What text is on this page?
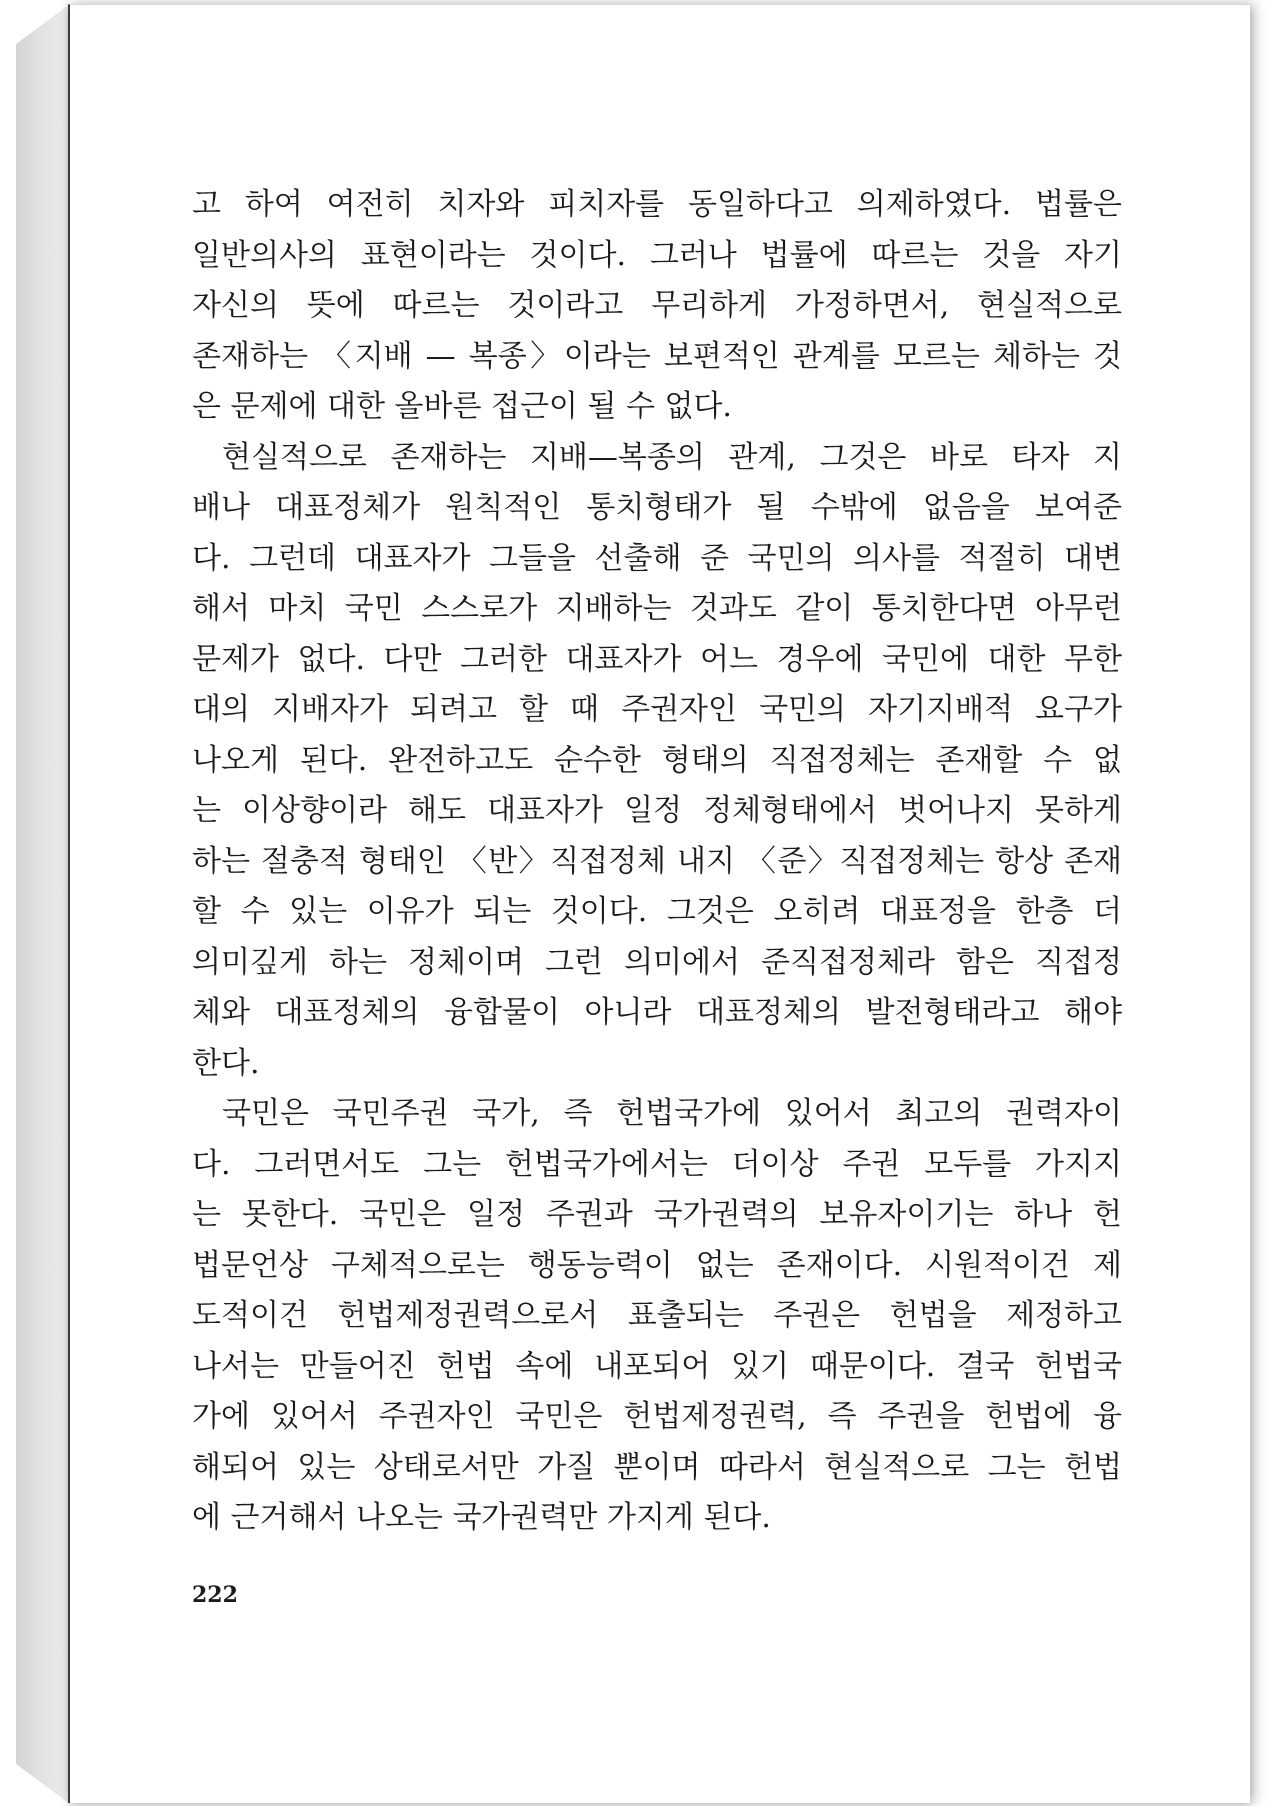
고 하여 여전히 치자와 피치자를 동일하다고 의제하였다. 법률은

일반의사의 표현이라는 것이다. 그러나 법률에 따르는 것을 자기

자신의 뜻에 따르는 것이라고 무리하게 가정하면서, 현실적으로

존재하는 〈지배 — 복종〉이라는 보편적인 관계를 모르는 체하는 것

은 문제에 대한 올바른 접근이 될 수 없다.

현실적으로 존재하는 지배—복종의 관계, 그것은 바로 타자 지

배나 대표정체가 원칙적인 통치형태가 될 수밖에 없음을 보여준

다. 그런데 대표자가 그들을 선출해 준 국민의 의사를 적절히 대변

해서 마치 국민 스스로가 지배하는 것과도 같이 통치한다면 아무런

문제가 없다. 다만 그러한 대표자가 어느 경우에 국민에 대한 무한

대의 지배자가 되려고 할 때 주권자인 국민의 자기지배적 요구가

나오게 된다. 완전하고도 순수한 형태의 직접정체는 존재할 수 없

는 이상향이라 해도 대표자가 일정 정체형태에서 벗어나지 못하게

하는 절충적 형태인 〈반〉직접정체 내지 〈준〉직접정체는 항상 존재

할 수 있는 이유가 되는 것이다. 그것은 오히려 대표정을 한층 더

의미깊게 하는 정체이며 그런 의미에서 준직접정체라 함은 직접정

체와 대표정체의 융합물이 아니라 대표정체의 발전형태라고 해야

한다.

국민은 국민주권 국가, 즉 헌법국가에 있어서 최고의 권력자이

다. 그러면서도 그는 헌법국가에서는 더이상 주권 모두를 가지지

는 못한다. 국민은 일정 주권과 국가권력의 보유자이기는 하나 헌

법문언상 구체적으로는 행동능력이 없는 존재이다. 시원적이건 제

도적이건 헌법제정권력으로서 표출되는 주권은 헌법을 제정하고

나서는 만들어진 헌법 속에 내포되어 있기 때문이다. 결국 헌법국

가에 있어서 주권자인 국민은 헌법제정권력, 즉 주권을 헌법에 융

해되어 있는 상태로서만 가질 뿐이며 따라서 현실적으로 그는 헌법

에 근거해서 나오는 국가권력만 가지게 된다.

222
